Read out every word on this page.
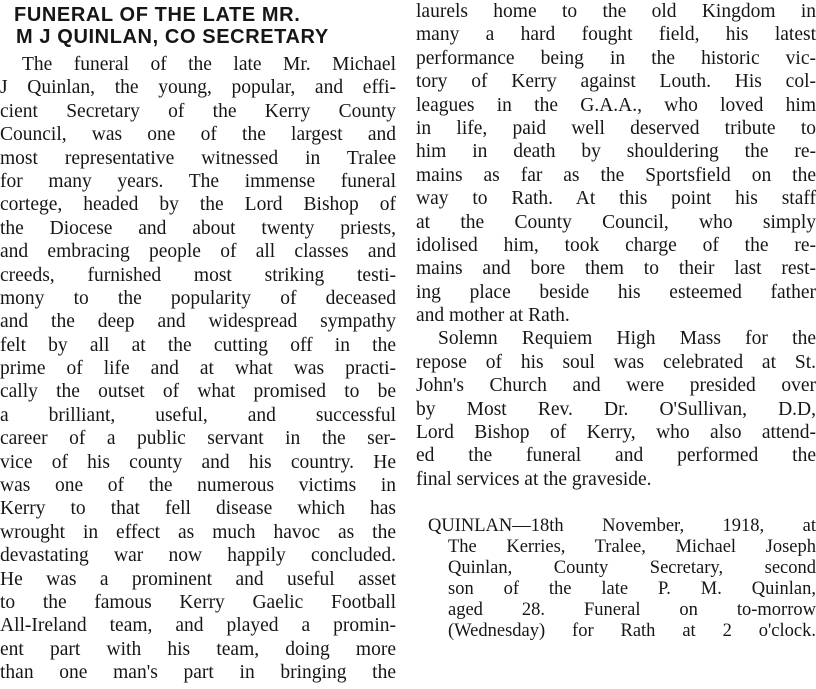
FUNERAL OF THE LATE MR.
M J QUINLAN, CO SECRETARY
The funeral of the late Mr. Michael
J Quinlan, the young, popular, and effi-
cient Secretary of the Kerry County
Council, was one of the largest and
most representative witnessed in Tralee
for many years. The immense funeral
cortege, headed by the Lord Bishop of
the Diocese and about twenty priests,
and embracing people of all classes and
creeds, furnished most striking testi-
mony to the popularity of deceased
and the deep and widespread sympathy
felt by all at the cutting off in the
prime of life and at what was practi-
cally the outset of what promised to be
a brilliant, useful, and successful
career of a public servant in the ser-
vice of his county and his country. He
was one of the numerous victims in
Kerry to that fell disease which has
wrought in effect as much havoc as the
devastating war now happily concluded.
He was a prominent and useful asset
to the famous Kerry Gaelic Football
All-Ireland team, and played a promin-
ent part with his team, doing more
than one man's part in bringing the
laurels home to the old Kingdom in
many a hard fought field, his latest
performance being in the historic vic-
tory of Kerry against Louth. His col-
leagues in the G.A.A., who loved him
in life, paid well deserved tribute to
him in death by shouldering the re-
mains as far as the Sportsfield on the
way to Rath. At this point his staff
at the County Council, who simply
idolised him, took charge of the re-
mains and bore them to their last rest-
ing place beside his esteemed father
and mother at Rath.
Solemn Requiem High Mass for the
repose of his soul was celebrated at St.
John's Church and were presided over
by Most Rev. Dr. O'Sullivan, D.D,
Lord Bishop of Kerry, who also attend-
ed the funeral and performed the
final services at the graveside.
QUINLAN—18th November, 1918, at
The Kerries, Tralee, Michael Joseph
Quinlan, County Secretary, second
son of the late P. M. Quinlan,
aged 28. Funeral on to-morrow
(Wednesday) for Rath at 2 o'clock.
